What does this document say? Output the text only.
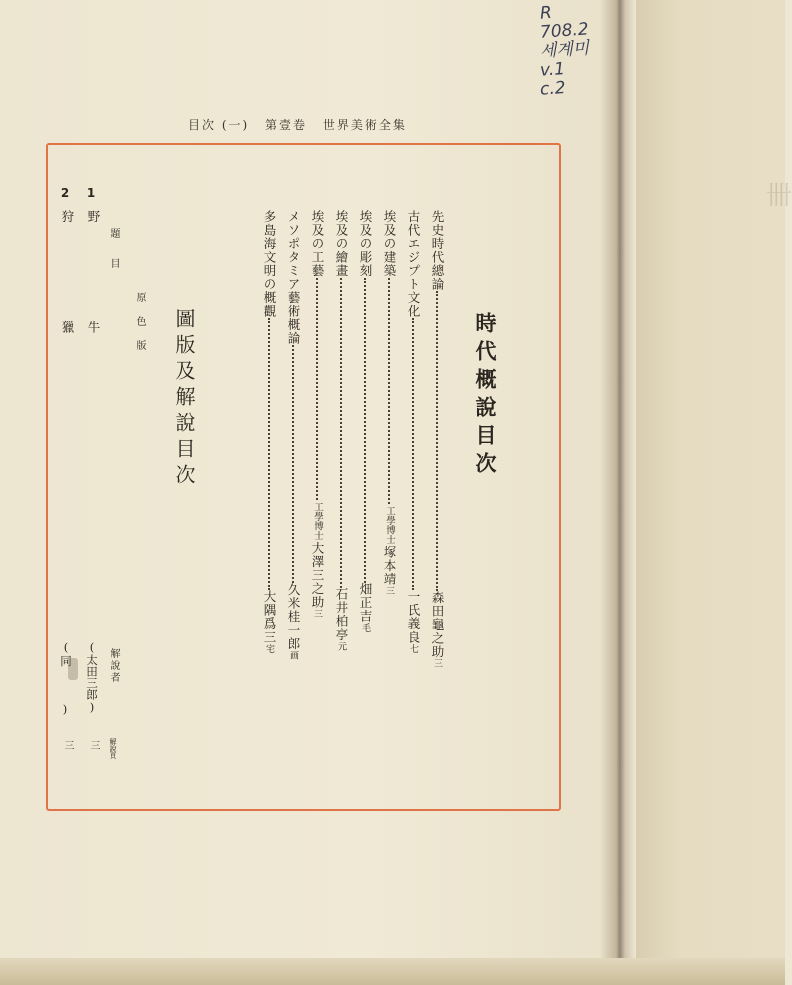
卌
R
708.2
세계미
v.1
c.2
目次 (一) 第壹卷 世界美術全集
時代概說目次
先史時代總論森田龜之助三
古代エジプト文化一氏義良七
埃及の建築工學博士塚本靖三
埃及の彫刻畑正吉毛
埃及の繪畫石井柏亭元
埃及の工藝工學博士大澤三之助三
メソポタミア藝術概論久米桂一郎画
多島海文明の概觀大隅爲三宅
圖版及解說目次
原色版
題目
解說者
解說頁
1
野牛
(太田三郎)
三
2
狩獵
(同
)
三
